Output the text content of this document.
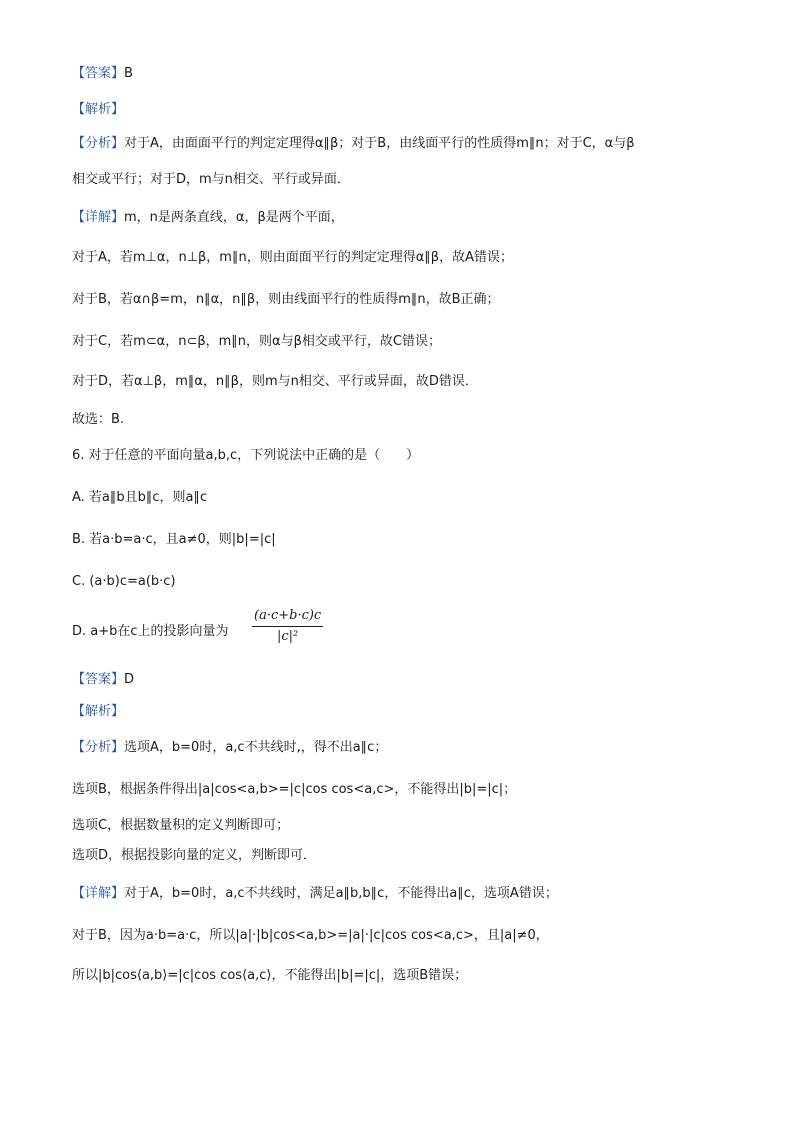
【答案】B
【解析】
【分析】对于A，由面面平行的判定定理得α∥β；对于B，由线面平行的性质得m∥n；对于C，α与β
相交或平行；对于D，m与n相交、平行或异面．
【详解】m，n是两条直线，α，β是两个平面，
对于A，若m⊥α，n⊥β，m∥n，则由面面平行的判定定理得α∥β，故A错误；
对于B，若α∩β=m，n∥α，n∥β，则由线面平行的性质得m∥n，故B正确；
对于C，若m⊂α，n⊂β，m∥n，则α与β相交或平行，故C错误；
对于D，若α⊥β，m∥α，n∥β，则m与n相交、平行或异面，故D错误．
故选：B.
6. 对于任意的平面向量a,b,c，下列说法中正确的是（　　）
A. 若a∥b且b∥c，则a∥c
B. 若a·b=a·c，且a≠0，则|b|=|c|
C. (a·b)c=a(b·c)
D. a+b在c上的投影向量为 $\frac{(a\cdot c+b\cdot c)c}{\text{|c|²}}$
【答案】D
【解析】
【分析】选项A，b=0时，a,c不共线时,，得不出a∥c；
选项B，根据条件得出|a|cos<a,b>=|c|cos cos<a,c>，不能得出|b|=|c|；
选项C，根据数量积的定义判断即可；
选项D，根据投影向量的定义，判断即可．
【详解】对于A，b=0时，a,c不共线时，满足a∥b,b∥c，不能得出a∥c，选项A错误；
对于B，因为a·b=a·c，所以|a|·|b|cos<a,b>=|a|·|c|cos cos<a,c>，且|a|≠0，
所以|b|cos⟨a,b⟩=|c|cos cos⟨a,c⟩，不能得出|b|=|c|，选项B错误；
